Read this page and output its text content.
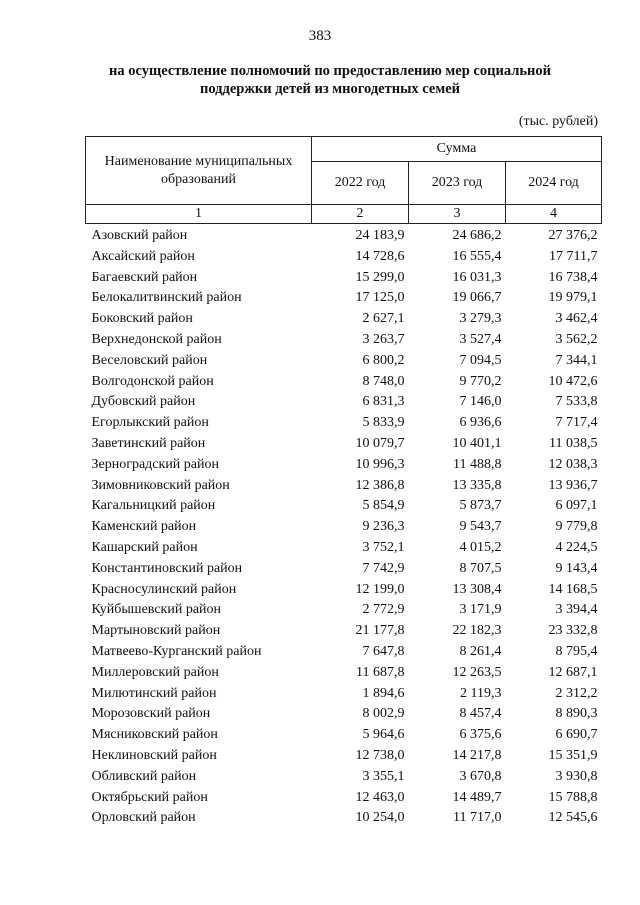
383
на осуществление полномочий по предоставлению мер социальной
поддержки детей из многодетных семей
(тыс. рублей)
Наименование муниципальных образований	Сумма		
	2022 год	2023 год	2024 год
1	2	3	4
Азовский район	24 183,9	24 686,2	27 376,2
Аксайский район	14 728,6	16 555,4	17 711,7
Багаевский район	15 299,0	16 031,3	16 738,4
Белокалитвинский район	17 125,0	19 066,7	19 979,1
Боковский район	2 627,1	3 279,3	3 462,4
Верхнедонской район	3 263,7	3 527,4	3 562,2
Веселовский район	6 800,2	7 094,5	7 344,1
Волгодонской район	8 748,0	9 770,2	10 472,6
Дубовский район	6 831,3	7 146,0	7 533,8
Егорлыкский район	5 833,9	6 936,6	7 717,4
Заветинский район	10 079,7	10 401,1	11 038,5
Зерноградский район	10 996,3	11 488,8	12 038,3
Зимовниковский район	12 386,8	13 335,8	13 936,7
Кагальницкий район	5 854,9	5 873,7	6 097,1
Каменский район	9 236,3	9 543,7	9 779,8
Кашарский район	3 752,1	4 015,2	4 224,5
Константиновский район	7 742,9	8 707,5	9 143,4
Красносулинский район	12 199,0	13 308,4	14 168,5
Куйбышевский район	2 772,9	3 171,9	3 394,4
Мартыновский район	21 177,8	22 182,3	23 332,8
Матвеево-Курганский район	7 647,8	8 261,4	8 795,4
Миллеровский район	11 687,8	12 263,5	12 687,1
Милютинский район	1 894,6	2 119,3	2 312,2
Морозовский район	8 002,9	8 457,4	8 890,3
Мясниковский район	5 964,6	6 375,6	6 690,7
Неклиновский район	12 738,0	14 217,8	15 351,9
Обливский район	3 355,1	3 670,8	3 930,8
Октябрьский район	12 463,0	14 489,7	15 788,8
Орловский район	10 254,0	11 717,0	12 545,6
